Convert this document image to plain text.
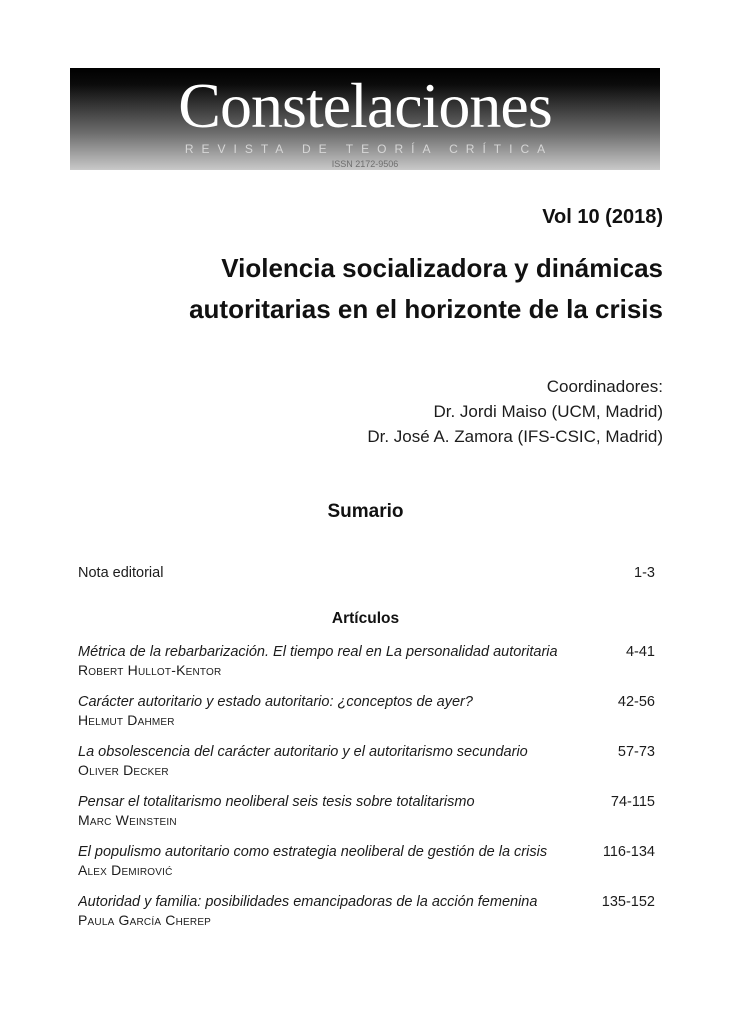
Constelaciones
REVISTA DE TEORÍA CRÍTICA
ISSN 2172-9506
Vol 10 (2018)
Violencia socializadora y dinámicas
autoritarias en el horizonte de la crisis
Coordinadores:
Dr. Jordi Maiso (UCM, Madrid)
Dr. José A. Zamora (IFS-CSIC, Madrid)
Sumario
Nota editorial	1-3
Artículos
Métrica de la rebarbarización. El tiempo real en La personalidad autoritaria	4-41
Robert Hullot-Kentor
Carácter autoritario y estado autoritario: ¿conceptos de ayer?	42-56
Helmut Dahmer
La obsolescencia del carácter autoritario y el autoritarismo secundario	57-73
Oliver Decker
Pensar el totalitarismo neoliberal seis tesis sobre totalitarismo	74-115
Marc Weinstein
El populismo autoritario como estrategia neoliberal de gestión de la crisis	116-134
Alex Demirović
Autoridad y familia: posibilidades emancipadoras de la acción femenina	135-152
Paula García Cherep
